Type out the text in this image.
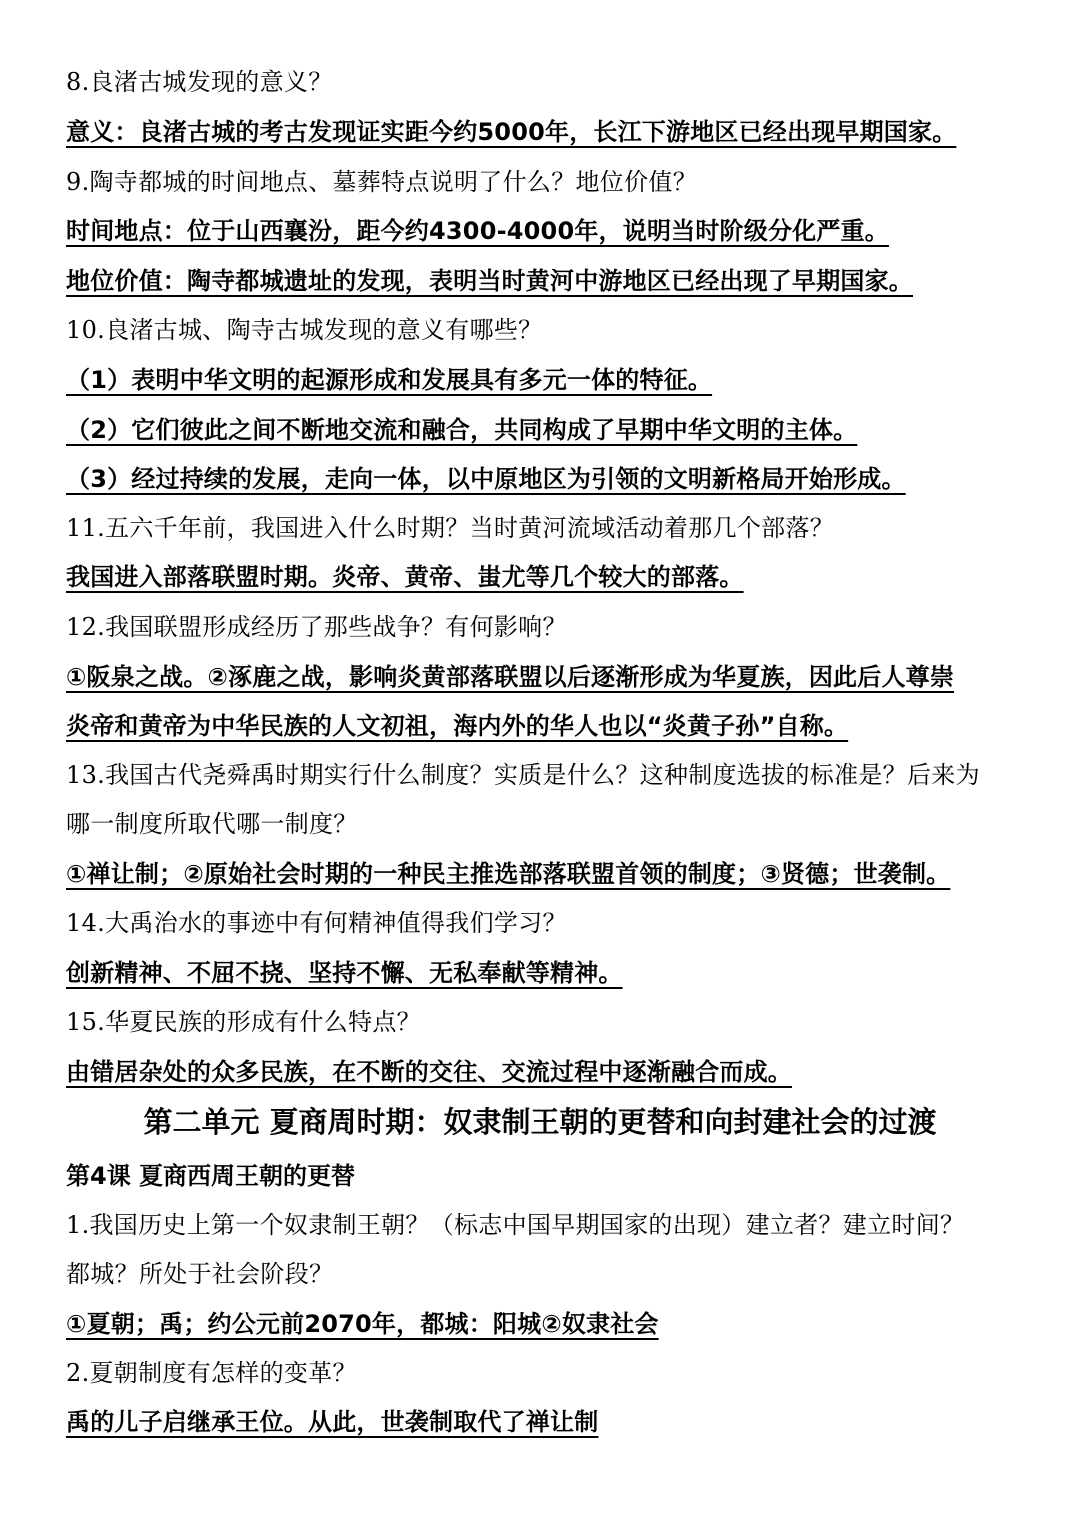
8.良渚古城发现的意义？
意义：良渚古城的考古发现证实距今约5000年，长江下游地区已经出现早期国家。
9.陶寺都城的时间地点、墓葬特点说明了什么？地位价值？
时间地点：位于山西襄汾，距今约4300-4000年，说明当时阶级分化严重。
地位价值：陶寺都城遗址的发现，表明当时黄河中游地区已经出现了早期国家。
10.良渚古城、陶寺古城发现的意义有哪些？
（1）表明中华文明的起源形成和发展具有多元一体的特征。
（2）它们彼此之间不断地交流和融合，共同构成了早期中华文明的主体。
（3）经过持续的发展，走向一体，以中原地区为引领的文明新格局开始形成。
11.五六千年前，我国进入什么时期？当时黄河流域活动着那几个部落？
我国进入部落联盟时期。炎帝、黄帝、蚩尤等几个较大的部落。
12.我国联盟形成经历了那些战争？有何影响？
①阪泉之战。②涿鹿之战，影响炎黄部落联盟以后逐渐形成为华夏族，因此后人尊崇
炎帝和黄帝为中华民族的人文初祖，海内外的华人也以“炎黄子孙”自称。
13.我国古代尧舜禹时期实行什么制度？实质是什么？这种制度选拔的标准是？后来为
哪一制度所取代哪一制度？
①禅让制；②原始社会时期的一种民主推选部落联盟首领的制度；③贤德；世袭制。
14.大禹治水的事迹中有何精神值得我们学习？
创新精神、不屈不挠、坚持不懈、无私奉献等精神。
15.华夏民族的形成有什么特点？
由错居杂处的众多民族，在不断的交往、交流过程中逐渐融合而成。
第二单元 夏商周时期：奴隶制王朝的更替和向封建社会的过渡
第4课 夏商西周王朝的更替
1.我国历史上第一个奴隶制王朝？（标志中国早期国家的出现）建立者？建立时间？
都城？所处于社会阶段？
①夏朝；禹；约公元前2070年，都城：阳城②奴隶社会
2.夏朝制度有怎样的变革？
禹的儿子启继承王位。从此，世袭制取代了禅让制
